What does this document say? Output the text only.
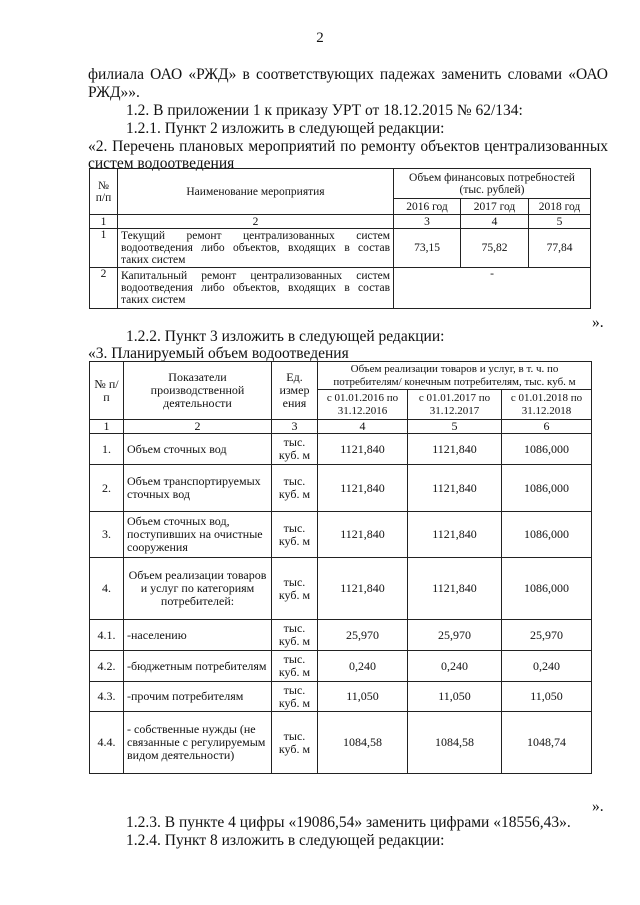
2
филиала ОАО «РЖД» в соответствующих падежах заменить словами «ОАО
РЖД»».
1.2. В приложении 1 к приказу УРТ от 18.12.2015 № 62/134:
1.2.1. Пункт 2 изложить в следующей редакции:
«2. Перечень плановых мероприятий по ремонту объектов централизованных
систем водоотведения
№ п/п	Наименование мероприятия	Объем финансовых потребностей (тыс. рублей)		
		2016 год	2017 год	2018 год
1	2	3	4	5
1	Текущий ремонт централизованных систем водоотведения либо объектов, входящих в состав таких систем	73,15	75,82	77,84
2	Капитальный ремонт централизованных систем водоотведения либо объектов, входящих в состав таких систем	-		
».
1.2.2. Пункт 3 изложить в следующей редакции:
«3. Планируемый объем водоотведения
№ п/п	Показатели производственной деятельности	Ед. измер ения	Объем реализации товаров и услуг, в т. ч. по потребителям/ конечным потребителям, тыс. куб. м		
			с 01.01.2016 по 31.12.2016	с 01.01.2017 по 31.12.2017	с 01.01.2018 по 31.12.2018
1	2	3	4	5	6
1.	Объем сточных вод	тыс. куб. м	1121,840	1121,840	1086,000
2.	Объем транспортируемых сточных вод	тыс. куб. м	1121,840	1121,840	1086,000
3.	Объем сточных вод, поступивших на очистные сооружения	тыс. куб. м	1121,840	1121,840	1086,000
4.	Объем реализации товаров и услуг по категориям потребителей:	тыс. куб. м	1121,840	1121,840	1086,000
4.1.	-населению	тыс. куб. м	25,970	25,970	25,970
4.2.	-бюджетным потребителям	тыс. куб. м	0,240	0,240	0,240
4.3.	-прочим потребителям	тыс. куб. м	11,050	11,050	11,050
4.4.	- собственные нужды (не связанные с регулируемым видом деятельности)	тыс. куб. м	1084,58	1084,58	1048,74
».
1.2.3. В пункте 4 цифры «19086,54» заменить цифрами «18556,43».
1.2.4. Пункт 8 изложить в следующей редакции:
